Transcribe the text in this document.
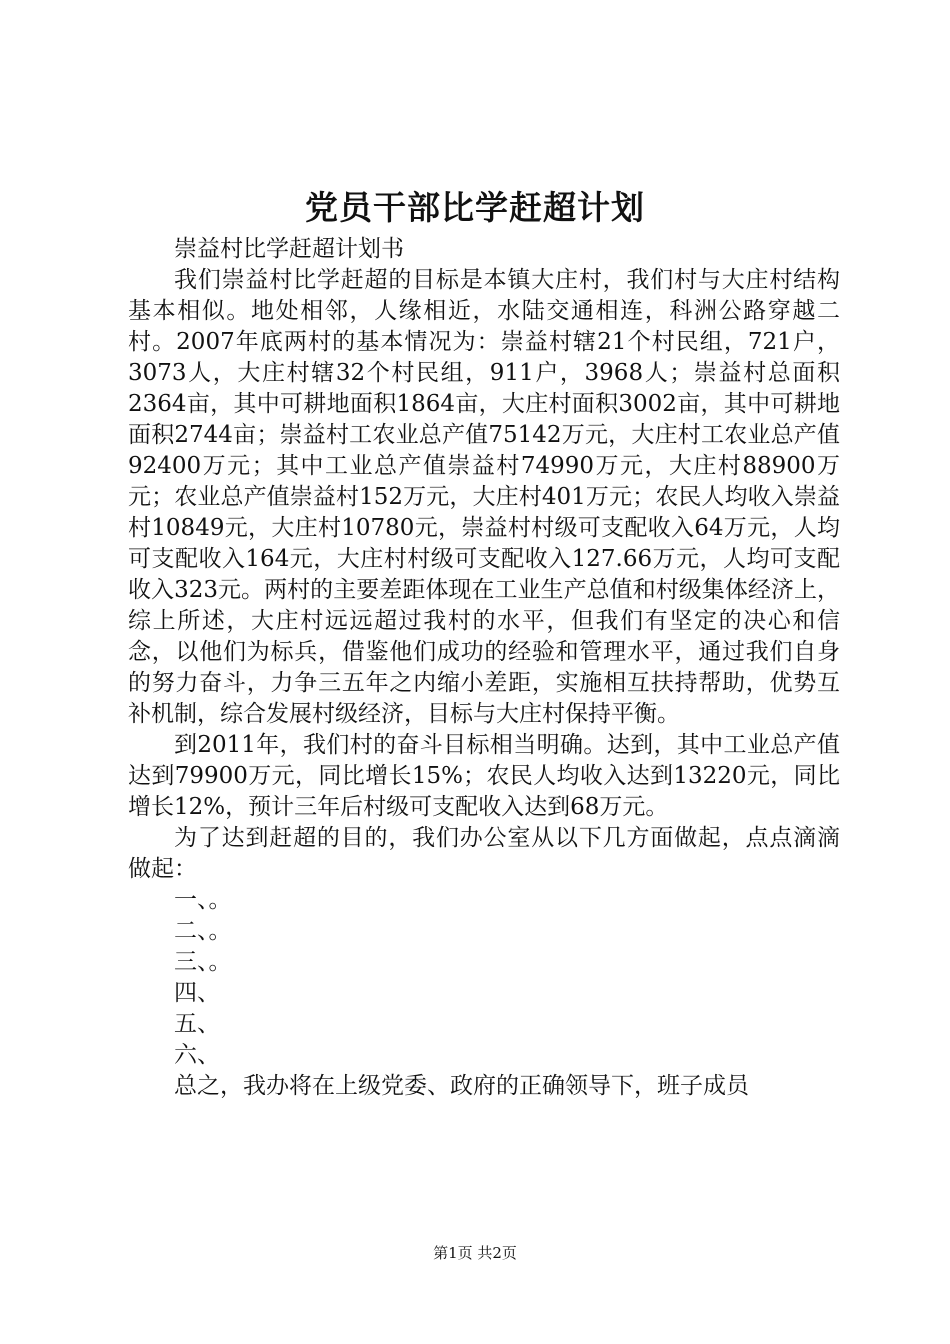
党员干部比学赶超计划

崇益村比学赶超计划书

我们崇益村比学赶超的目标是本镇大庄村，我们村与大庄村结构基本相似。地处相邻，人缘相近，水陆交通相连，科洲公路穿越二村。2007年底两村的基本情况为：崇益村辖21个村民组，721户，3073人，大庄村辖32个村民组，911户，3968人；崇益村总面积2364亩，其中可耕地面积1864亩，大庄村面积3002亩，其中可耕地面积2744亩；崇益村工农业总产值75142万元，大庄村工农业总产值92400万元；其中工业总产值崇益村74990万元，大庄村88900万元；农业总产值崇益村152万元，大庄村401万元；农民人均收入崇益村10849元，大庄村10780元，崇益村村级可支配收入64万元，人均可支配收入164元，大庄村村级可支配收入127.66万元，人均可支配收入323元。两村的主要差距体现在工业生产总值和村级集体经济上，综上所述，大庄村远远超过我村的水平，但我们有坚定的决心和信念，以他们为标兵，借鉴他们成功的经验和管理水平，通过我们自身的努力奋斗，力争三五年之内缩小差距，实施相互扶持帮助，优势互补机制，综合发展村级经济，目标与大庄村保持平衡。

到2011年，我们村的奋斗目标相当明确。达到，其中工业总产值达到79900万元，同比增长15%；农民人均收入达到13220元，同比增长12%，预计三年后村级可支配收入达到68万元。

为了达到赶超的目的，我们办公室从以下几方面做起，点点滴滴做起：

一、。

二、。

三、。

四、

五、

六、

总之，我办将在上级党委、政府的正确领导下，班子成员

第1页 共2页
